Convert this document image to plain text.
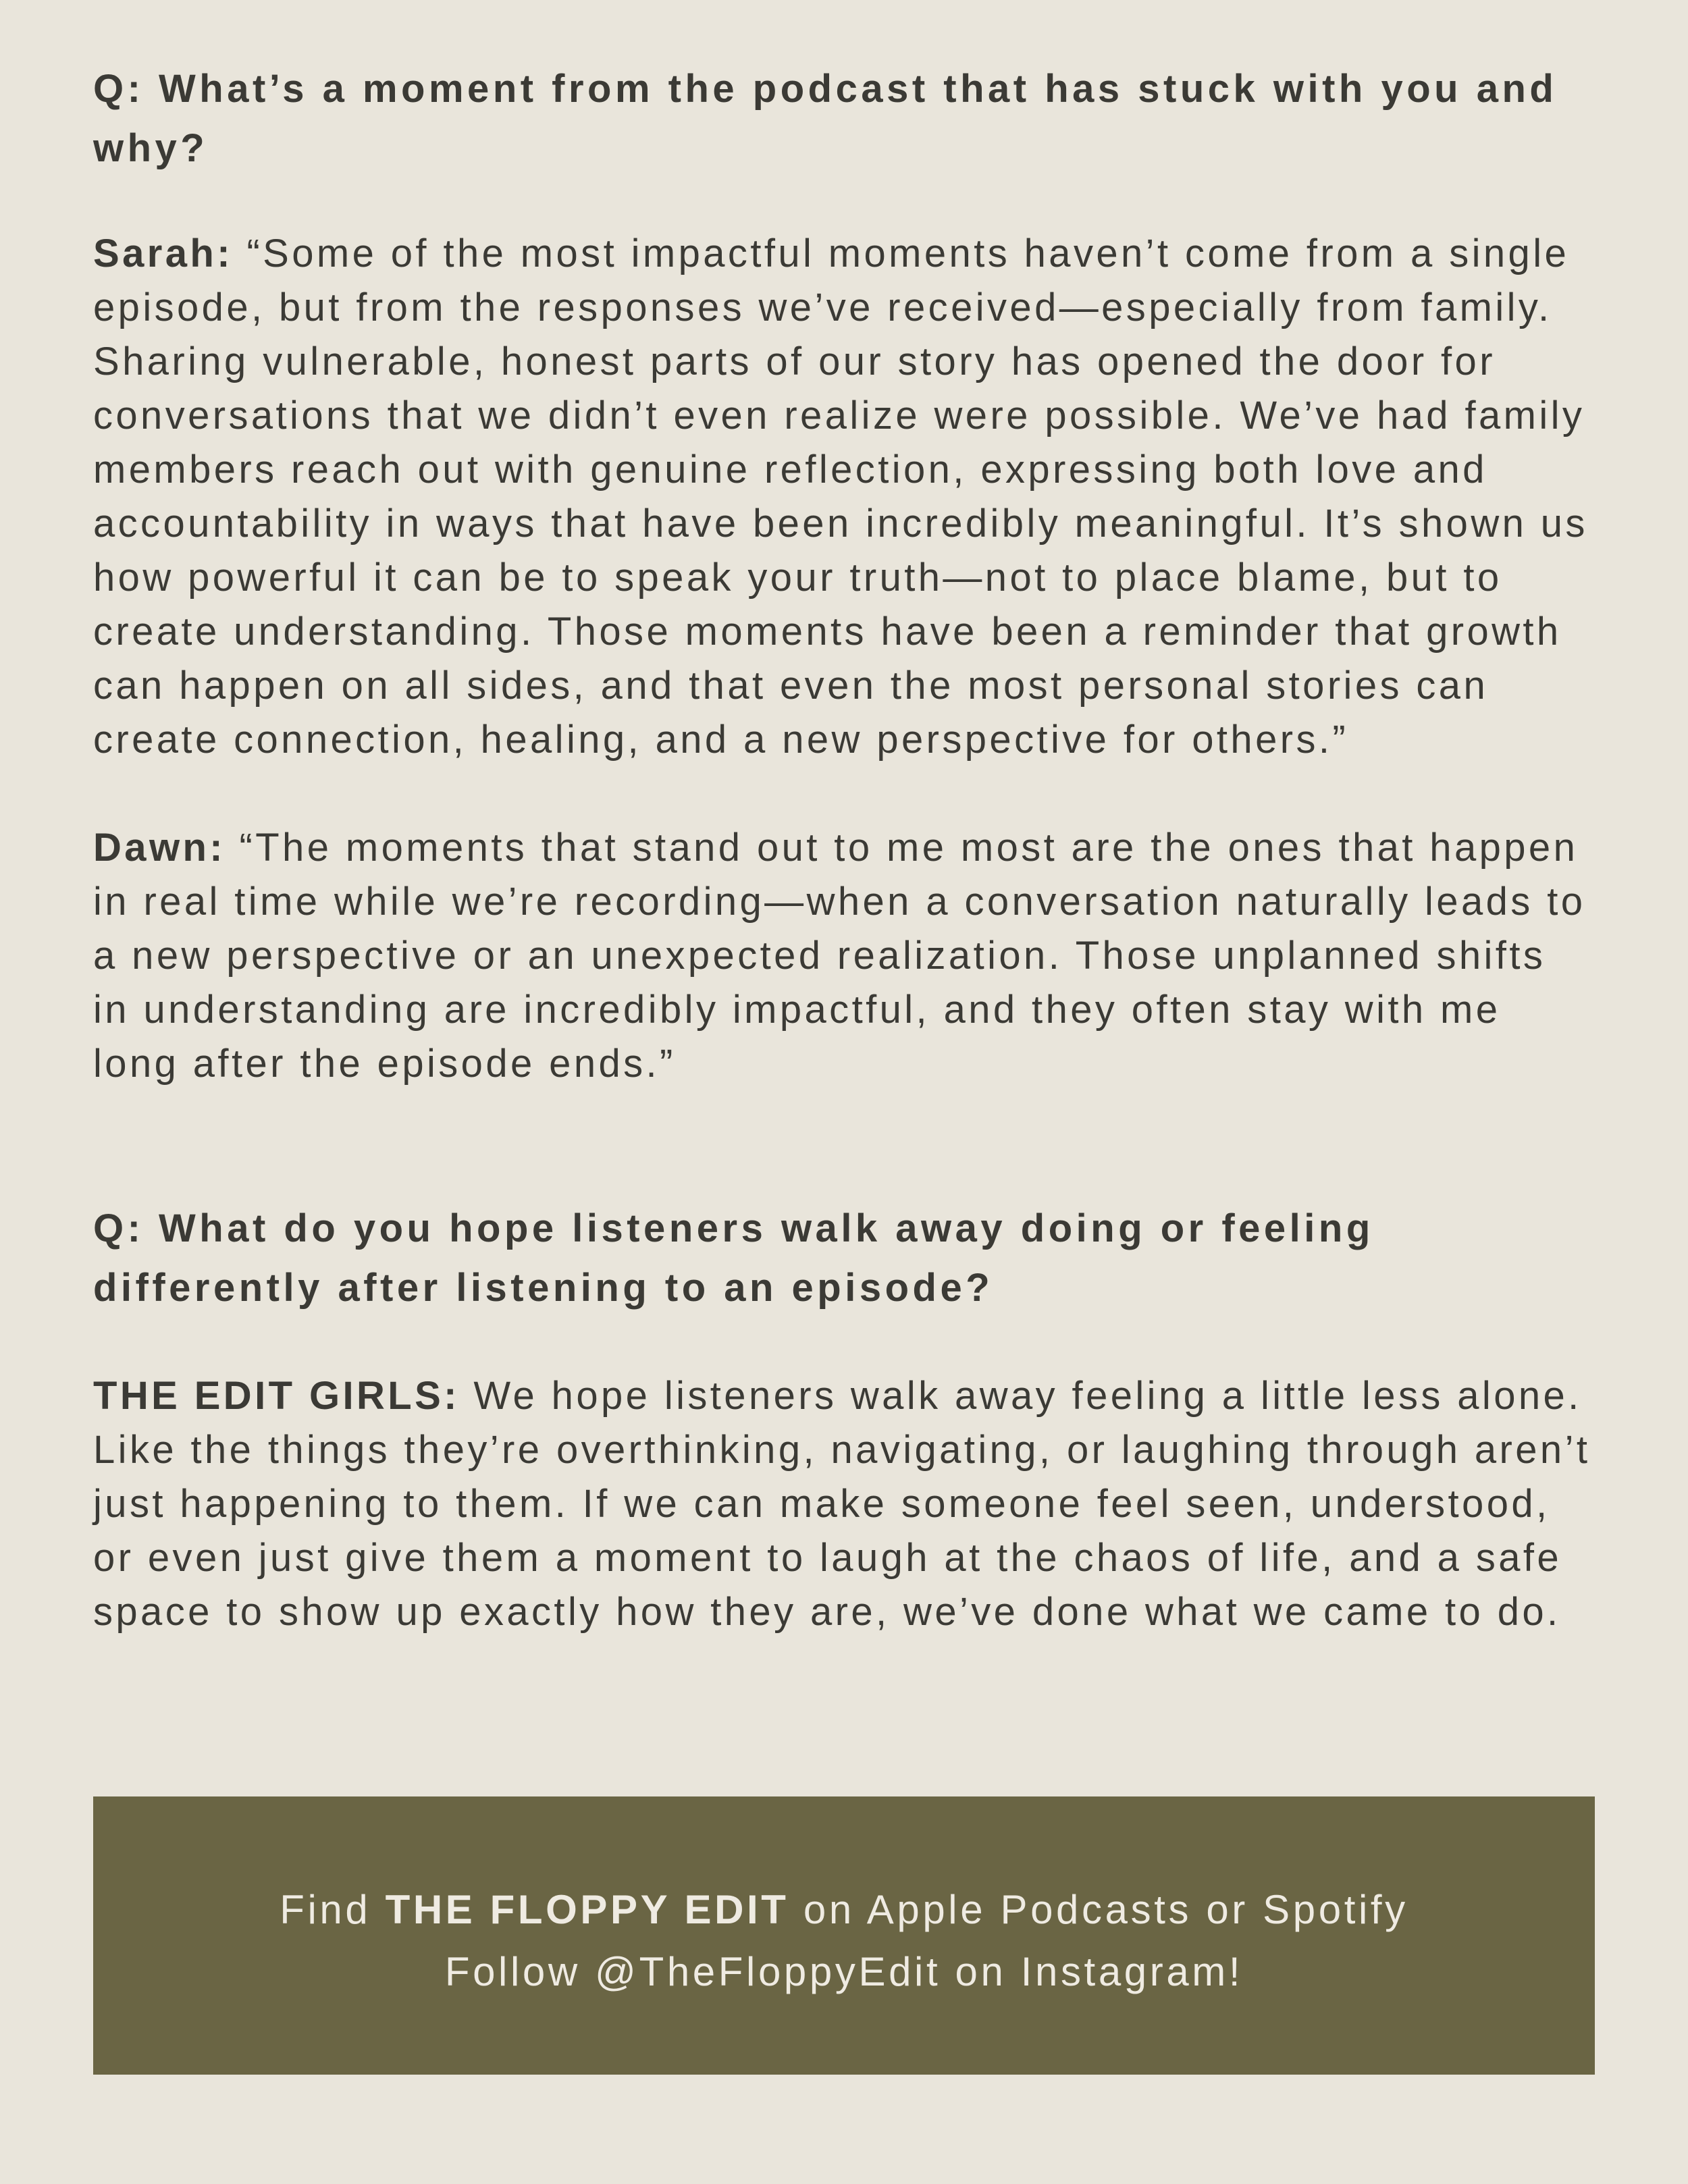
Q: What’s a moment from the podcast that has stuck with you and why?

Sarah: “Some of the most impactful moments haven’t come from a single episode, but from the responses we’ve received—especially from family. Sharing vulnerable, honest parts of our story has opened the door for conversations that we didn’t even realize were possible. We’ve had family members reach out with genuine reflection, expressing both love and accountability in ways that have been incredibly meaningful. It’s shown us how powerful it can be to speak your truth—not to place blame, but to create understanding. Those moments have been a reminder that growth can happen on all sides, and that even the most personal stories can create connection, healing, and a new perspective for others.”

Dawn: “The moments that stand out to me most are the ones that happen in real time while we’re recording—when a conversation naturally leads to a new perspective or an unexpected realization. Those unplanned shifts in understanding are incredibly impactful, and they often stay with me long after the episode ends.”

Q: What do you hope listeners walk away doing or feeling differently after listening to an episode?

THE EDIT GIRLS: We hope listeners walk away feeling a little less alone. Like the things they’re overthinking, navigating, or laughing through aren’t just happening to them. If we can make someone feel seen, understood, or even just give them a moment to laugh at the chaos of life, and a safe space to show up exactly how they are, we’ve done what we came to do.

Find THE FLOPPY EDIT on Apple Podcasts or Spotify

Follow @TheFloppyEdit on Instagram!
